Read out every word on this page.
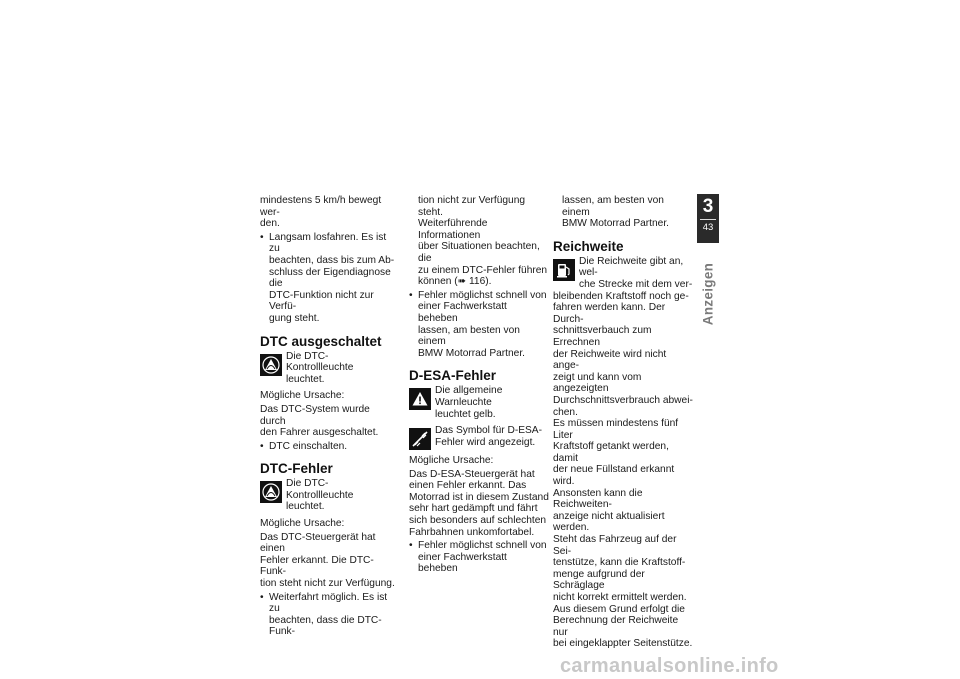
mindestens 5 km/h bewegt wer-

den.

• Langsam losfahren. Es ist zu

beachten, dass bis zum Ab-

schluss der Eigendiagnose die

DTC-Funktion nicht zur Verfü-

gung steht.

DTC ausgeschaltet

Die DTC-Kontrollleuchte

leuchtet.

Mögliche Ursache:

Das DTC-System wurde durch

den Fahrer ausgeschaltet.

• DTC einschalten.

DTC-Fehler

Die DTC-Kontrollleuchte

leuchtet.

Mögliche Ursache:

Das DTC-Steuergerät hat einen

Fehler erkannt. Die DTC-Funk-

tion steht nicht zur Verfügung.

• Weiterfahrt möglich. Es ist zu

beachten, dass die DTC-Funk-

tion nicht zur Verfügung steht.

Weiterführende Informationen

über Situationen beachten, die

zu einem DTC-Fehler führen

können (➠ 116).

• Fehler möglichst schnell von

einer Fachwerkstatt beheben

lassen, am besten von einem

BMW Motorrad Partner.

D-ESA-Fehler

Die allgemeine Warnleuchte

leuchtet gelb.

Das Symbol für D-ESA-

Fehler wird angezeigt.

Mögliche Ursache:

Das D-ESA-Steuergerät hat

einen Fehler erkannt. Das

Motorrad ist in diesem Zustand

sehr hart gedämpft und fährt

sich besonders auf schlechten

Fahrbahnen unkomfortabel.

• Fehler möglichst schnell von

einer Fachwerkstatt beheben

lassen, am besten von einem

BMW Motorrad Partner.

Reichweite

Die Reichweite gibt an, wel-

che Strecke mit dem ver-

bleibenden Kraftstoff noch ge-

fahren werden kann. Der Durch-

schnittsverbauch zum Errechnen

der Reichweite wird nicht ange-

zeigt und kann vom angezeigten

Durchschnittsverbrauch abwei-

chen.

Es müssen mindestens fünf Liter

Kraftstoff getankt werden, damit

der neue Füllstand erkannt wird.

Ansonsten kann die Reichweiten-

anzeige nicht aktualisiert werden.

Steht das Fahrzeug auf der Sei-

tenstütze, kann die Kraftstoff-

menge aufgrund der Schräglage

nicht korrekt ermittelt werden.

Aus diesem Grund erfolgt die

Berechnung der Reichweite nur

bei eingeklappter Seitenstütze.

3
43
Anzeigen
carmanualsonline.info
